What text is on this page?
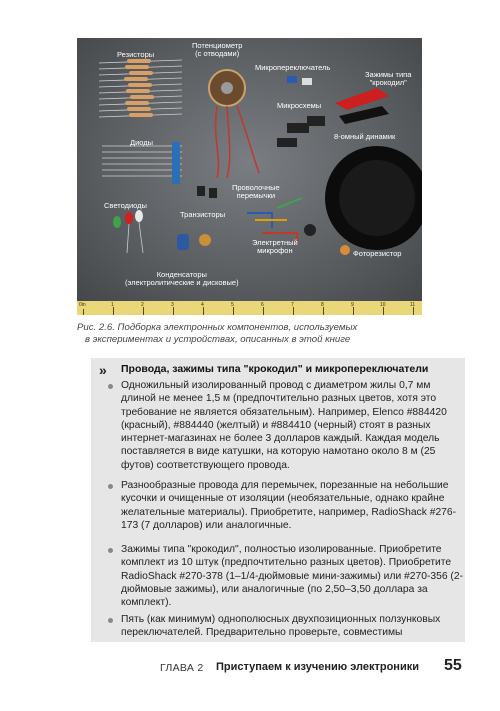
Резисторы
Потенциометр
(с отводами)
Микропереключатель
Зажимы типа
"крокодил"
Микросхемы
8-омный динамик
Диоды
Светодиоды
Транзисторы
Проволочные
перемычки
Электретный
микрофон	Фоторезистор
Конденсаторы
(электролитические и дисковые)
0in	1	2	3	4	5	6	7	8	9	10	11
Рис. 2.6. Подборка электронных компонентов, используемых
в экспериментах и устройствах, описанных в этой книге
» Провода, зажимы типа "крокодил" и микропереключатели
Одножильный изолированный провод с диаметром жилы 0,7 мм длиной не менее 1,5 м (предпочтительно разных цветов, хотя это требование не является обязательным). Например, Elenco #884420 (красный), #884440 (желтый) и #884410 (черный) стоят в разных интернет-магазинах не более 3 долларов каждый. Каждая модель поставляется в виде катушки, на которую намотано около 8 м (25 футов) соответствующего провода.
Разнообразные провода для перемычек, порезанные на небольшие кусочки и очищенные от изоляции (необязательные, однако крайне желательные материалы). Приобретите, например, RadioShack #276-173 (7 долларов) или аналогичные.
Зажимы типа "крокодил", полностью изолированные. Приобретите комплект из 10 штук (предпочтительно разных цветов). Приобретите RadioShack #270-378 (1–1/4-дюймовые мини-зажимы) или #270-356 (2-дюймовые зажимы), или аналогичные (по 2,50–3,50 доллара за комплект).
Пять (как минимум) однополюсных двухпозиционных ползунковых переключателей. Предварительно проверьте, совместимы
ГЛАВА 2 Приступаем к изучению электроники 55
